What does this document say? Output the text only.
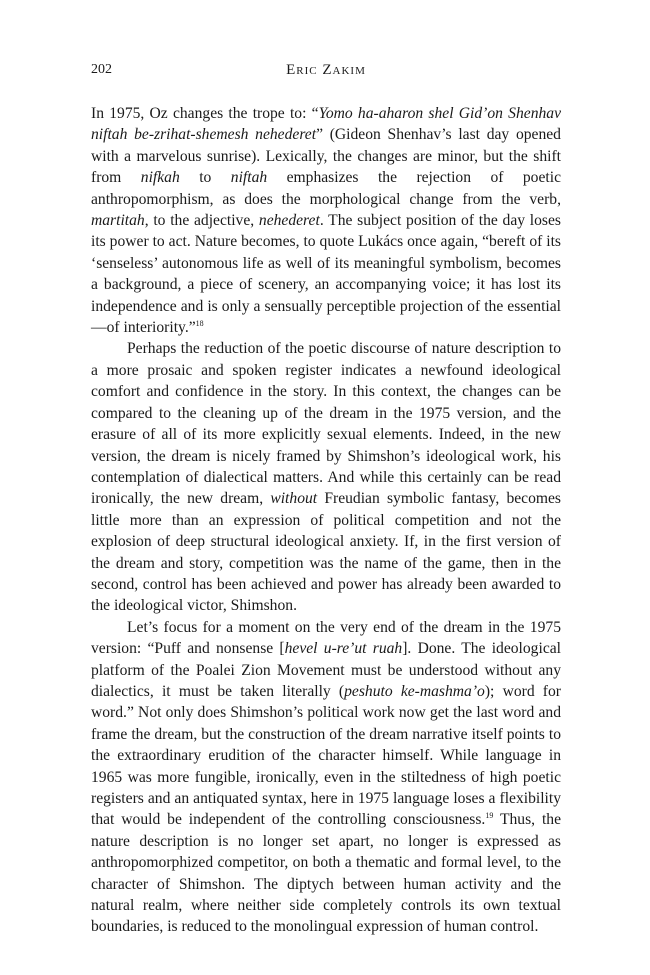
202	Eric Zakim

In 1975, Oz changes the trope to: “Yomo ha-aharon shel Gid’on Shenhav niftah be-zrihat-shemesh nehederet” (Gideon Shenhav’s last day opened with a marvelous sunrise). Lexically, the changes are minor, but the shift from nifkah to niftah emphasizes the rejection of poetic anthropomorphism, as does the morphological change from the verb, martitah, to the adjective, nehederet. The subject position of the day loses its power to act. Nature becomes, to quote Lukács once again, “bereft of its ‘senseless’ autonomous life as well of its meaningful symbolism, becomes a background, a piece of scenery, an accompanying voice; it has lost its independence and is only a sensually perceptible projection of the essential—of interiority.”$^{18}$

Perhaps the reduction of the poetic discourse of nature description to a more prosaic and spoken register indicates a newfound ideological comfort and confidence in the story. In this context, the changes can be compared to the cleaning up of the dream in the 1975 version, and the erasure of all of its more explicitly sexual elements. Indeed, in the new version, the dream is nicely framed by Shimshon’s ideological work, his contemplation of dialectical matters. And while this certainly can be read ironically, the new dream, without Freudian symbolic fantasy, becomes little more than an expression of political competition and not the explosion of deep structural ideological anxiety. If, in the first version of the dream and story, competition was the name of the game, then in the second, control has been achieved and power has already been awarded to the ideological victor, Shimshon.

Let’s focus for a moment on the very end of the dream in the 1975 version: “Puff and nonsense [hevel u-re’ut ruah]. Done. The ideological platform of the Poalei Zion Movement must be understood without any dialectics, it must be taken literally (peshuto ke-mashma’o); word for word.” Not only does Shimshon’s political work now get the last word and frame the dream, but the construction of the dream narrative itself points to the extraordinary erudition of the character himself. While language in 1965 was more fungible, ironically, even in the stiltedness of high poetic registers and an antiquated syntax, here in 1975 language loses a flexibility that would be independent of the controlling consciousness.$^{19}$ Thus, the nature description is no longer set apart, no longer is expressed as anthropomorphized competitor, on both a thematic and formal level, to the character of Shimshon. The diptych between human activity and the natural realm, where neither side completely controls its own textual boundaries, is reduced to the monolingual expression of human control.
